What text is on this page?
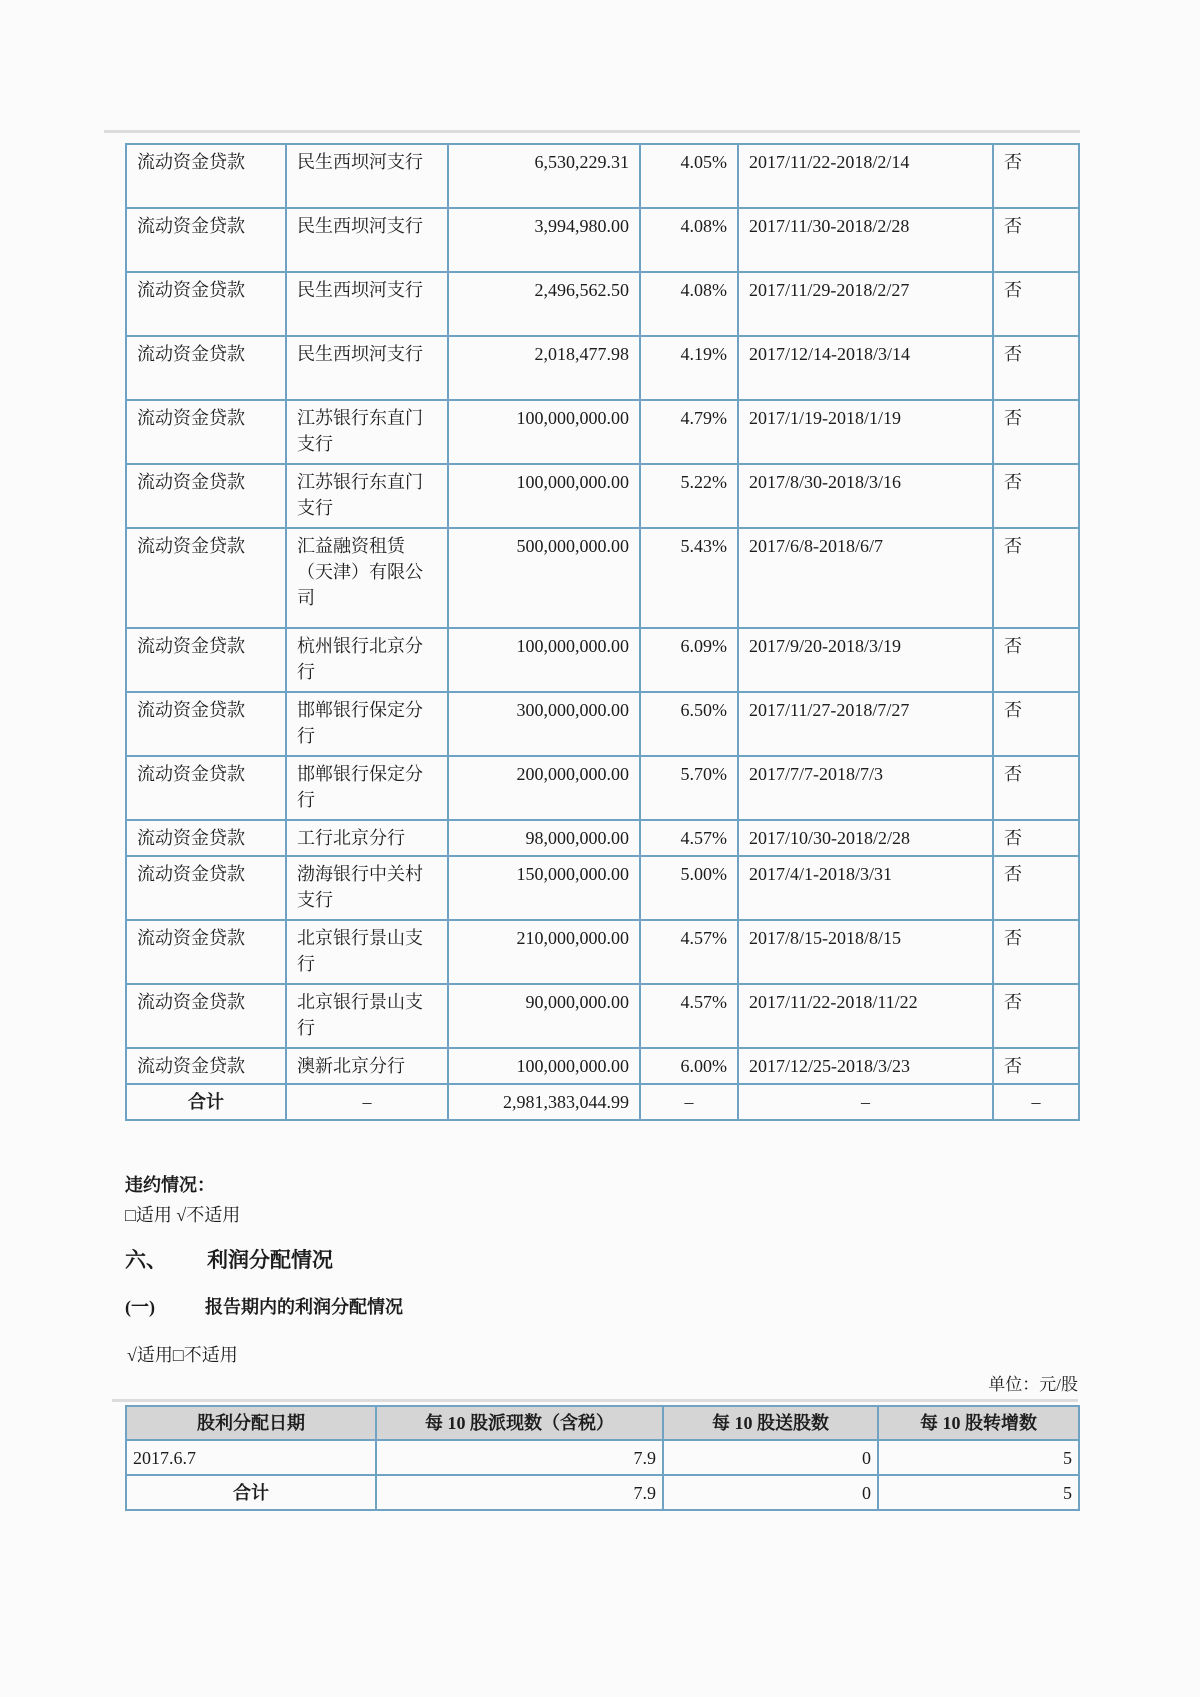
流动资金贷款	民生西坝河支行	6,530,229.31	4.05%	2017/11/22-2018/2/14	否
流动资金贷款	民生西坝河支行	3,994,980.00	4.08%	2017/11/30-2018/2/28	否
流动资金贷款	民生西坝河支行	2,496,562.50	4.08%	2017/11/29-2018/2/27	否
流动资金贷款	民生西坝河支行	2,018,477.98	4.19%	2017/12/14-2018/3/14	否
流动资金贷款	江苏银行东直门支行	100,000,000.00	4.79%	2017/1/19-2018/1/19	否
流动资金贷款	江苏银行东直门支行	100,000,000.00	5.22%	2017/8/30-2018/3/16	否
流动资金贷款	汇益融资租赁（天津）有限公司	500,000,000.00	5.43%	2017/6/8-2018/6/7	否
流动资金贷款	杭州银行北京分行	100,000,000.00	6.09%	2017/9/20-2018/3/19	否
流动资金贷款	邯郸银行保定分行	300,000,000.00	6.50%	2017/11/27-2018/7/27	否
流动资金贷款	邯郸银行保定分行	200,000,000.00	5.70%	2017/7/7-2018/7/3	否
流动资金贷款	工行北京分行	98,000,000.00	4.57%	2017/10/30-2018/2/28	否
流动资金贷款	渤海银行中关村支行	150,000,000.00	5.00%	2017/4/1-2018/3/31	否
流动资金贷款	北京银行景山支行	210,000,000.00	4.57%	2017/8/15-2018/8/15	否
流动资金贷款	北京银行景山支行	90,000,000.00	4.57%	2017/11/22-2018/11/22	否
流动资金贷款	澳新北京分行	100,000,000.00	6.00%	2017/12/25-2018/3/23	否
合计	–	2,981,383,044.99	–	–	–
违约情况：
□适用 √不适用
六、 利润分配情况
(一)	报告期内的利润分配情况
√适用□不适用
单位：元/股
股利分配日期	每 10 股派现数（含税）	每 10 股送股数	每 10 股转增数
2017.6.7	7.9	0	5
合计	7.9	0	5
